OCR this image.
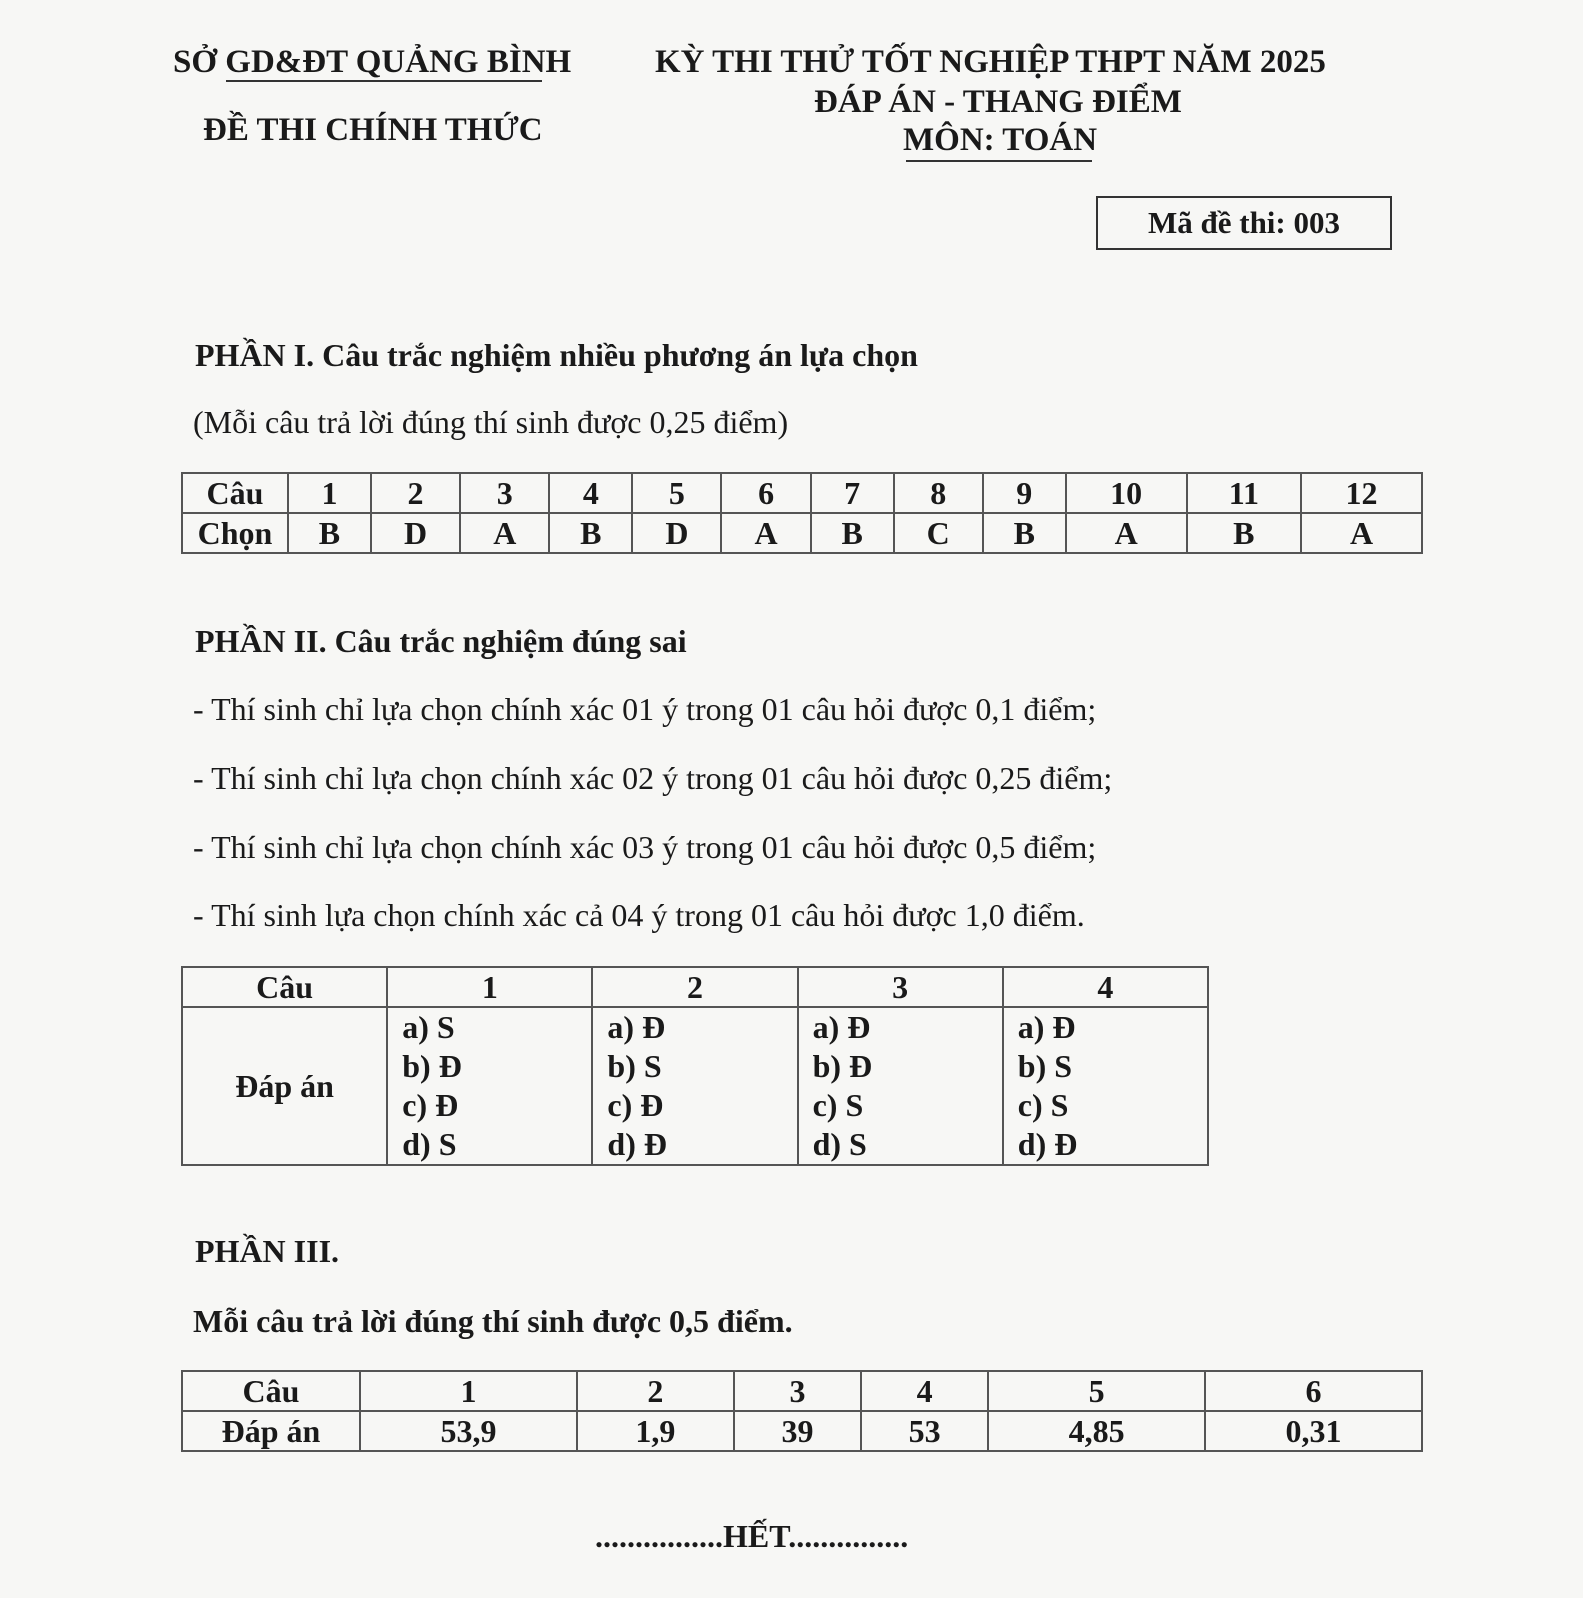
SỞ GD&ĐT QUẢNG BÌNH
ĐỀ THI CHÍNH THỨC
KỲ THI THỬ TỐT NGHIỆP THPT NĂM 2025
ĐÁP ÁN - THANG ĐIỂM
MÔN: TOÁN
Mã đề thi: 003
PHẦN I. Câu trắc nghiệm nhiều phương án lựa chọn
(Mỗi câu trả lời đúng thí sinh được 0,25 điểm)
Câu	1	2	3	4	5	6	7	8	9	10	11	12
Chọn	B	D	A	B	D	A	B	C	B	A	B	A
PHẦN II. Câu trắc nghiệm đúng sai
- Thí sinh chỉ lựa chọn chính xác 01 ý trong 01 câu hỏi được 0,1 điểm;
- Thí sinh chỉ lựa chọn chính xác 02 ý trong 01 câu hỏi được 0,25 điểm;
- Thí sinh chỉ lựa chọn chính xác 03 ý trong 01 câu hỏi được 0,5 điểm;
- Thí sinh lựa chọn chính xác cả 04 ý trong 01 câu hỏi được 1,0 điểm.
Câu	1	2	3	4
Đáp án	a) S
b) Đ
c) Đ
d) S	a) Đ
b) S
c) Đ
d) Đ	a) Đ
b) Đ
c) S
d) S	a) Đ
b) S
c) S
d) Đ
PHẦN III.
Mỗi câu trả lời đúng thí sinh được 0,5 điểm.
Câu	1	2	3	4	5	6
Đáp án	53,9	1,9	39	53	4,85	0,31
................HẾT...............
